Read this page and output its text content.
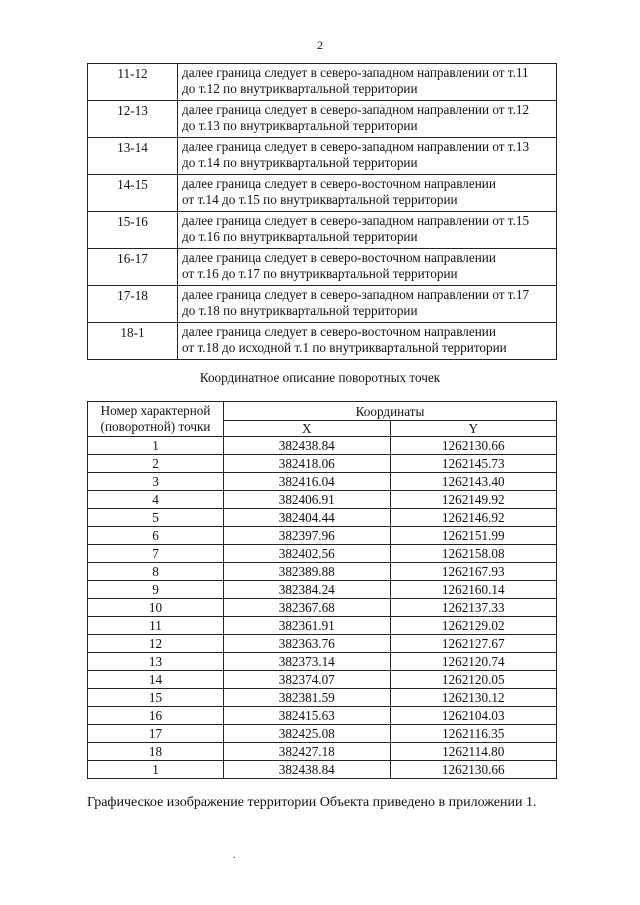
2
11-12	далее граница следует в северо-западном направлении от т.11
до т.12 по внутриквартальной территории

12-13	далее граница следует в северо-западном направлении от т.12
до т.13 по внутриквартальной территории

13-14	далее граница следует в северо-западном направлении от т.13
до т.14 по внутриквартальной территории

14-15	далее граница следует в северо-восточном направлении
от т.14 до т.15 по внутриквартальной территории

15-16	далее граница следует в северо-западном направлении от т.15
до т.16 по внутриквартальной территории

16-17	далее граница следует в северо-восточном направлении
от т.16 до т.17 по внутриквартальной территории

17-18	далее граница следует в северо-западном направлении от т.17
до т.18 по внутриквартальной территории

18-1	далее граница следует в северо-восточном направлении
от т.18 до исходной т.1 по внутриквартальной территории
Координатное описание поворотных точек
Номер характерной (поворотной) точки	Координаты	
	X	Y
1	382438.84	1262130.66
2	382418.06	1262145.73
3	382416.04	1262143.40
4	382406.91	1262149.92
5	382404.44	1262146.92
6	382397.96	1262151.99
7	382402.56	1262158.08
8	382389.88	1262167.93
9	382384.24	1262160.14
10	382367.68	1262137.33
11	382361.91	1262129.02
12	382363.76	1262127.67
13	382373.14	1262120.74
14	382374.07	1262120.05
15	382381.59	1262130.12
16	382415.63	1262104.03
17	382425.08	1262116.35
18	382427.18	1262114.80
1	382438.84	1262130.66
Графическое изображение территории Объекта приведено в приложении 1.
.
